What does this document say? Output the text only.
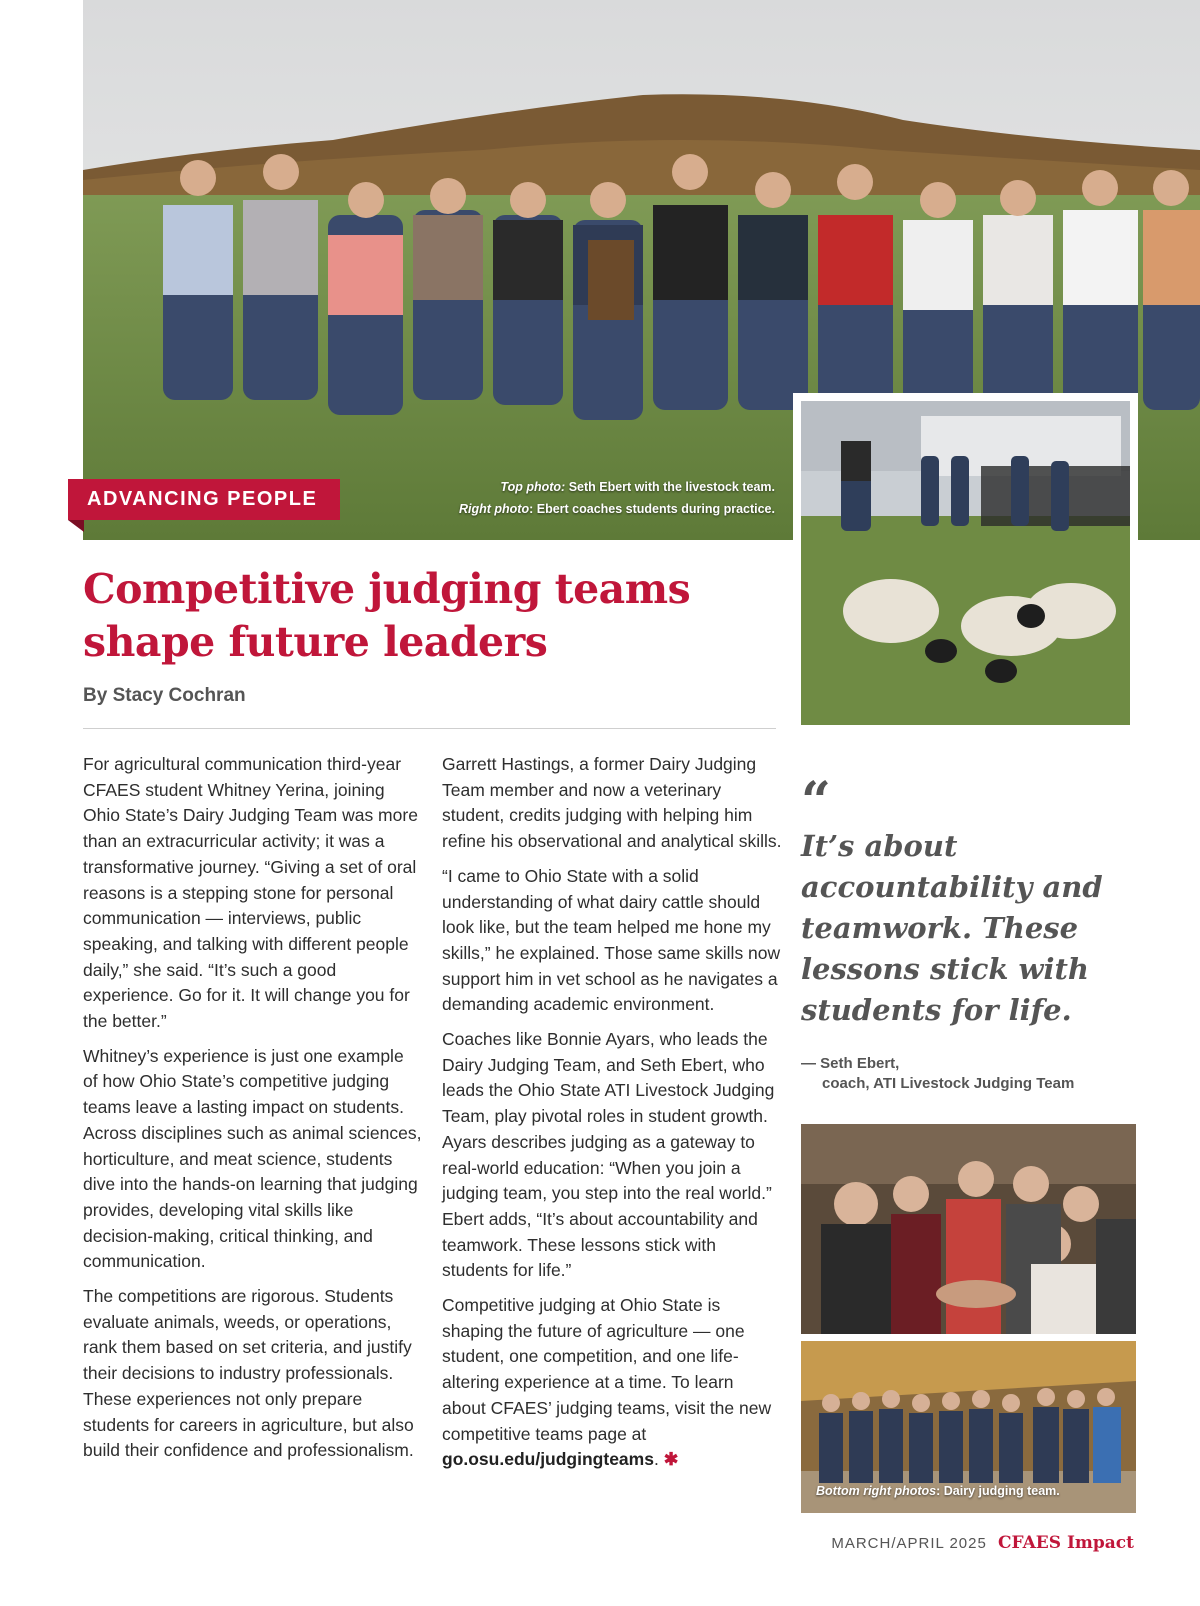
Top photo: Seth Ebert with the livestock team.
Right photo: Ebert coaches students during practice.
ADVANCING PEOPLE
Competitive judging teams
shape future leaders
By Stacy Cochran

For agricultural communication third-year CFAES student Whitney Yerina, joining Ohio State’s Dairy Judging Team was more than an extracurricular activity; it was a transformative journey. “Giving a set of oral reasons is a stepping stone for personal communication — interviews, public speaking, and talking with different people daily,” she said. “It’s such a good experience. Go for it. It will change you for the better.”

Whitney’s experience is just one example of how Ohio State’s competitive judging teams leave a lasting impact on students. Across disciplines such as animal sciences, horticulture, and meat science, students dive into the hands-on learning that judging provides, developing vital skills like decision-making, critical thinking, and communication.

The competitions are rigorous. Students evaluate animals, weeds, or operations, rank them based on set criteria, and justify their decisions to industry professionals. These experiences not only prepare students for careers in agriculture, but also build their confidence and professionalism.

Garrett Hastings, a former Dairy Judging Team member and now a veterinary student, credits judging with helping him refine his observational and analytical skills.

“I came to Ohio State with a solid understanding of what dairy cattle should look like, but the team helped me hone my skills,” he explained. Those same skills now support him in vet school as he navigates a demanding academic environment.

Coaches like Bonnie Ayars, who leads the Dairy Judging Team, and Seth Ebert, who leads the Ohio State ATI Livestock Judging Team, play pivotal roles in student growth. Ayars describes judging as a gateway to real-world education: “When you join a judging team, you step into the real world.” Ebert adds, “It’s about accountability and teamwork. These lessons stick with students for life.”

Competitive judging at Ohio State is shaping the future of agriculture — one student, one competition, and one life-altering experience at a time. To learn about CFAES’ judging teams, visit the new competitive teams page at go.osu.edu/judgingteams. ✱

“

It’s about accountability and teamwork. These lessons stick with students for life.

— Seth Ebert,
coach, ATI Livestock Judging Team
Bottom right photos: Dairy judging team.
MARCH/APRIL 2025 CFAES Impact
